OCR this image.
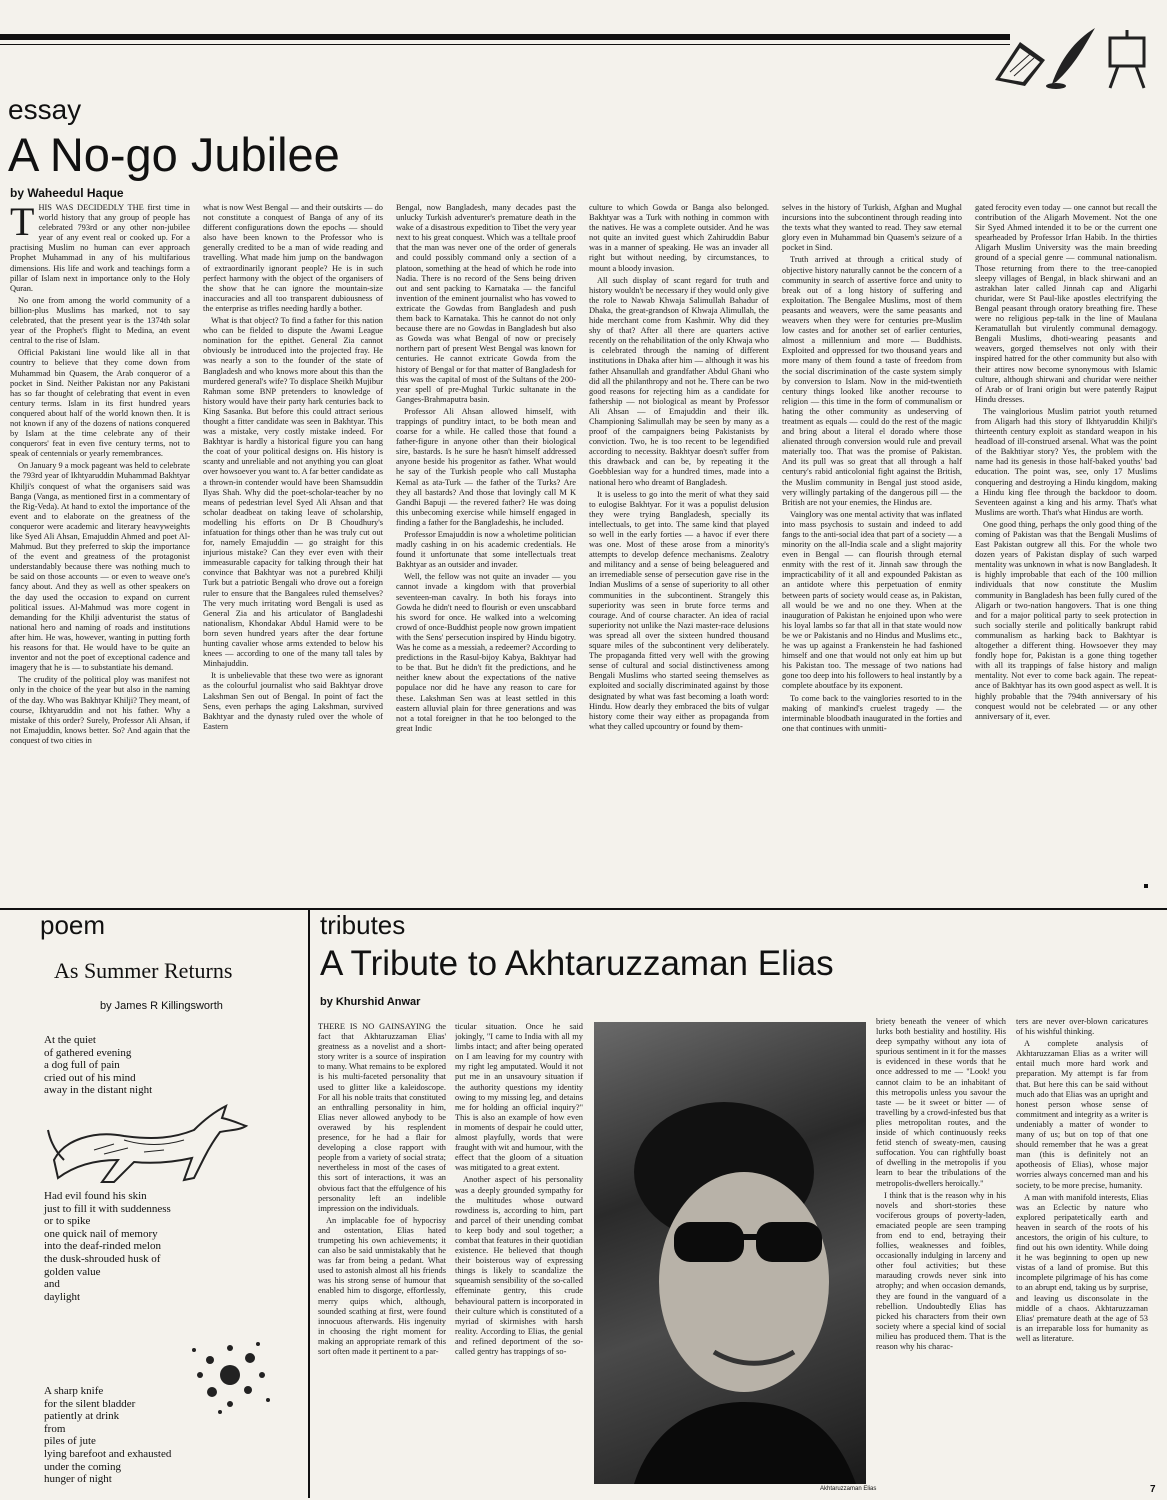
essay
A No-go Jubilee
by Waheedul Haque
T HIS WAS DECIDEDLY THE first time in world history that any group of people has celebrated 793rd or any other non-jubilee year of any event real or cooked up. For a practising Muslim no human can ever approach Prophet Muhammad in any of his multifarious dimensions. His life and work and teachings form a pillar of Islam next in importance only to the Holy Quran.

No one from among the world community of a billion-plus Muslims has marked, not to say celebrated, that the present year is the 1374th solar year of the Prophet's flight to Medina, an event central to the rise of Islam.

Official Pakistani line would like all in that country to believe that they come down from Muhammad bin Quasem, the Arab conqueror of a pocket in Sind. Neither Pakistan nor any Pakistani has so far thought of celebrating that event in even century terms. Islam in its first hundred years conquered about half of the world known then. It is not known if any of the dozens of nations conquered by Islam at the time celebrate any of their conquerors' feat in even five century terms, not to speak of centennials or yearly remembrances.

On January 9 a mock pageant was held to celebrate the 793rd year of Ikhtyaruddin Muhammad Bakhtyar Khilji's conquest of what the organisers said was Banga (Vanga, as mentioned first in a commentary of the Rig-Veda). At hand to extol the importance of the event and to elaborate on the greatness of the conqueror were academic and literary heavyweights like Syed Ali Ahsan, Emajuddin Ahmed and poet Al-Mahmud. But they preferred to skip the importance of the event and greatness of the protagonist understandably because there was nothing much to be said on those accounts — or even to weave one's fancy about. And they as well as other speakers on the day used the occasion to expand on current political issues. Al-Mahmud was more cogent in demanding for the Khilji adventurist the status of national hero and naming of roads and institutions after him. He was, however, wanting in putting forth his reasons for that. He would have to be quite an inventor and not the poet of exceptional cadence and imagery that he is — to substantiate his demand.

The crudity of the political ploy was manifest not only in the choice of the year but also in the naming of the day. Who was Bakhtyar Khilji? They meant, of course, Ikhtyaruddin and not his father. Why a mistake of this order? Surely, Professor Ali Ahsan, if not Emajuddin, knows better. So? And again that the conquest of two cities in

what is now West Bengal — and their outskirts — do not constitute a conquest of Banga of any of its different configurations down the epochs — should also have been known to the Professor who is generally credited to be a man of wide reading and travelling. What made him jump on the bandwagon of extraordinarily ignorant people? He is in such perfect harmony with the object of the organisers of the show that he can ignore the mountain-size inaccuracies and all too transparent dubiousness of the enterprise as trifles needing hardly a bother.

What is that object? To find a father for this nation who can be fielded to dispute the Awami League nomination for the epithet. General Zia cannot obviously be introduced into the projected fray. He was nearly a son to the founder of the state of Bangladesh and who knows more about this than the murdered general's wife? To displace Sheikh Mujibur Rahman some BNP pretenders to knowledge of history would have their party hark centuries back to King Sasanka. But before this could attract serious thought a fitter candidate was seen in Bakhtyar. This was a mistake, very costly mistake indeed. For Bakhtyar is hardly a historical figure you can hang the coat of your political designs on. His history is scanty and unreliable and not anything you can gloat over howsoever you want to. A far better candidate as a thrown-in contender would have been Shamsuddin Ilyas Shah. Why did the poet-scholar-teacher by no means of pedestrian level Syed Ali Ahsan and that scholar deadbeat on taking leave of scholarship, modelling his efforts on Dr B Choudhury's infatuation for things other than he was truly cut out for, namely Emajuddin — go straight for this injurious mistake? Can they ever even with their immeasurable capacity for talking through their hat convince that Bakhtyar was not a purebred Khilji Turk but a patriotic Bengali who drove out a foreign ruler to ensure that the Bangalees ruled themselves? The very much irritating word Bengali is used as General Zia and his articulator of Bangladeshi nationalism, Khondakar Abdul Hamid were to be born seven hundred years after the dear fortune hunting cavalier whose arms extended to below his knees — according to one of the many tall tales by Minhajuddin.

It is unbelievable that these two were as ignorant as the colourful journalist who said Bakhtyar drove Lakshman Sen out of Bengal. In point of fact the Sens, even perhaps the aging Lakshman, survived Bakhtyar and the dynasty ruled over the whole of Eastern

Bengal, now Bangladesh, many decades past the unlucky Turkish adventurer's premature death in the wake of a disastrous expedition to Tibet the very year next to his great conquest. Which was a telltale proof that the man was never one of the order of generals and could possibly command only a section of a platoon, something at the head of which he rode into Nadia. There is no record of the Sens being driven out and sent packing to Karnataka — the fanciful invention of the eminent journalist who has vowed to extricate the Gowdas from Bangladesh and push them back to Karnataka. This he cannot do not only because there are no Gowdas in Bangladesh but also as Gowda was what Bengal of now or precisely northern part of present West Bengal was known for centuries. He cannot extricate Gowda from the history of Bengal or for that matter of Bangladesh for this was the capital of most of the Sultans of the 200-year spell of pre-Mughal Turkic sultanate in the Ganges-Brahmaputra basin.

Professor Ali Ahsan allowed himself, with trappings of punditry intact, to be both mean and coarse for a while. He called those that found a father-figure in anyone other than their biological sire, bastards. Is he sure he hasn't himself addressed anyone beside his progenitor as father. What would he say of the Turkish people who call Mustapha Kemal as ata-Turk — the father of the Turks? Are they all bastards? And those that lovingly call M K Gandhi Bapuji — the revered father? He was doing this unbecoming exercise while himself engaged in finding a father for the Bangladeshis, he included.

Professor Emajuddin is now a wholetime politician madly cashing in on his academic credentials. He found it unfortunate that some intellectuals treat Bakhtyar as an outsider and invader.

Well, the fellow was not quite an invader — you cannot invade a kingdom with that proverbial seventeen-man cavalry. In both his forays into Gowda he didn't need to flourish or even unscabbard his sword for once. He walked into a welcoming crowd of once-Buddhist people now grown impatient with the Sens' persecution inspired by Hindu bigotry. Was he come as a messiah, a redeemer? According to predictions in the Rasul-bijoy Kabya, Bakhtyar had to be that. But he didn't fit the predictions, and he neither knew about the expectations of the native populace nor did he have any reason to care for these. Lakshman Sen was at least settled in this eastern alluvial plain for three generations and was not a total foreigner in that he too belonged to the great Indic

culture to which Gowda or Banga also belonged. Bakhtyar was a Turk with nothing in common with the natives. He was a complete outsider. And he was not quite an invited guest which Zahiruddin Babur was in a manner of speaking. He was an invader all right but without needing, by circumstances, to mount a bloody invasion.

All such display of scant regard for truth and history wouldn't be necessary if they would only give the role to Nawab Khwaja Salimullah Bahadur of Dhaka, the great-grandson of Khwaja Alimullah, the hide merchant come from Kashmir. Why did they shy of that? After all there are quarters active recently on the rehabilitation of the only Khwaja who is celebrated through the naming of different institutions in Dhaka after him — although it was his father Ahsanullah and grandfather Abdul Ghani who did all the philanthropy and not he. There can be two good reasons for rejecting him as a candidate for fathership — not biological as meant by Professor Ali Ahsan — of Emajuddin and their ilk. Championing Salimullah may be seen by many as a proof of the campaigners being Pakistanists by conviction. Two, he is too recent to be legendified according to necessity. Bakhtyar doesn't suffer from this drawback and can be, by repeating it the Goebblesian way for a hundred times, made into a national hero who dreamt of Bangladesh.

It is useless to go into the merit of what they said to eulogise Bakhtyar. For it was a populist delusion they were trying Bangladesh, specially its intellectuals, to get into. The same kind that played so well in the early forties — a havoc if ever there was one. Most of these arose from a minority's attempts to develop defence mechanisms. Zealotry and militancy and a sense of being beleaguered and an irremediable sense of persecution gave rise in the Indian Muslims of a sense of superiority to all other communities in the subcontinent. Strangely this superiority was seen in brute force terms and courage. And of course character. An idea of racial superiority not unlike the Nazi master-race delusions was spread all over the sixteen hundred thousand square miles of the subcontinent very deliberately. The propaganda fitted very well with the growing sense of cultural and social distinctiveness among Bengali Muslims who started seeing themselves as exploited and socially discriminated against by those designated by what was fast becoming a loath word: Hindu. How dearly they embraced the bits of vulgar history come their way either as propaganda from what they called upcountry or found by them-

selves in the history of Turkish, Afghan and Mughal incursions into the subcontinent through reading into the texts what they wanted to read. They saw eternal glory even in Muhammad bin Quasem's seizure of a pocket in Sind.

Truth arrived at through a critical study of objective history naturally cannot be the concern of a community in search of assertive force and unity to break out of a long history of suffering and exploitation. The Bengalee Muslims, most of them peasants and weavers, were the same peasants and weavers when they were for centuries pre-Muslim low castes and for another set of earlier centuries, almost a millennium and more — Buddhists. Exploited and oppressed for two thousand years and more many of them found a taste of freedom from the social discrimination of the caste system simply by conversion to Islam. Now in the mid-twentieth century things looked like another recourse to religion — this time in the form of communalism or hating the other community as undeserving of treatment as equals — could do the rest of the magic and bring about a literal el dorado where those alienated through conversion would rule and prevail materially too. That was the promise of Pakistan. And its pull was so great that all through a half century's rabid anticolonial fight against the British, the Muslim community in Bengal just stood aside, very willingly partaking of the dangerous pill — the British are not your enemies, the Hindus are.

Vainglory was one mental activity that was inflated into mass psychosis to sustain and indeed to add fangs to the anti-social idea that part of a society — a minority on the all-India scale and a slight majority even in Bengal — can flourish through eternal enmity with the rest of it. Jinnah saw through the impracticability of it all and expounded Pakistan as an antidote where this perpetuation of enmity between parts of society would cease as, in Pakistan, all would be we and no one they. When at the inauguration of Pakistan he enjoined upon who were his loyal lambs so far that all in that state would now be we or Pakistanis and no Hindus and Muslims etc., he was up against a Frankenstein he had fashioned himself and one that would not only eat him up but his Pakistan too. The message of two nations had gone too deep into his followers to heal instantly by a complete aboutface by its exponent.

To come back to the vainglories resorted to in the making of mankind's cruelest tragedy — the interminable bloodbath inaugurated in the forties and one that continues with unmiti-

gated ferocity even today — one cannot but recall the contribution of the Aligarh Movement. Not the one Sir Syed Ahmed intended it to be or the current one spearheaded by Professor Irfan Habib. In the thirties Aligarh Muslim University was the main breeding ground of a special genre — communal nationalism. Those returning from there to the tree-canopied sleepy villages of Bengal, in black shirwani and an astrakhan later called Jinnah cap and Aligarhi churidar, were St Paul-like apostles electrifying the Bengal peasant through oratory breathing fire. These were no religious pep-talk in the line of Maulana Keramatullah but virulently communal demagogy. Bengali Muslims, dhoti-wearing peasants and weavers, gorged themselves not only with their inspired hatred for the other community but also with their attires now become synonymous with Islamic culture, although shirwani and churidar were neither of Arab or of Irani origin but were patently Rajput Hindu dresses.

The vainglorious Muslim patriot youth returned from Aligarh had this story of Ikhtyaruddin Khilji's thirteenth century exploit as standard weapon in his headload of ill-construed arsenal. What was the point of the Bakhtiyar story? Yes, the problem with the name had its genesis in those half-baked youths' bad education. The point was, see, only 17 Muslims conquering and destroying a Hindu kingdom, making a Hindu king flee through the backdoor to doom. Seventeen against a king and his army. That's what Muslims are worth. That's what Hindus are worth.

One good thing, perhaps the only good thing of the coming of Pakistan was that the Bengali Muslims of East Pakistan outgrew all this. For the whole two dozen years of Pakistan display of such warped mentality was unknown in what is now Bangladesh. It is highly improbable that each of the 100 million individuals that now constitute the Muslim community in Bangladesh has been fully cured of the Aligarh or two-nation hangovers. That is one thing and for a major political party to seek protection in such socially sterile and politically bankrupt rabid communalism as harking back to Bakhtyar is altogether a different thing. Howsoever they may fondly hope for, Pakistan is a gone thing together with all its trappings of false history and malign mentality. Not ever to come back again. The repeat-ance of Bakhtyar has its own good aspect as well. It is highly probable that the 794th anniversary of his conquest would not be celebrated — or any other anniversary of it, ever.

poem
As Summer Returns
by James R Killingsworth
At the quiet
of gathered evening
a dog full of pain
cried out of his mind
away in the distant night
Had evil found his skin
just to fill it with suddenness
or to spike
one quick nail of memory
into the deaf-rinded melon
the dusk-shrouded husk of
golden value
and
daylight
A sharp knife
for the silent bladder
patiently at drink
from
piles of jute
lying barefoot and exhausted
under the coming
hunger of night
tributes
A Tribute to Akhtaruzzaman Elias
by Khurshid Anwar

THERE IS NO GAINSAYING the fact that Akhtaruzzaman Elias' greatness as a novelist and a short-story writer is a source of inspiration to many. What remains to be explored is his multi-faceted personality that used to glitter like a kaleidoscope. For all his noble traits that constituted an enthralling personality in him, Elias never allowed anybody to be overawed by his resplendent presence, for he had a flair for developing a close rapport with people from a variety of social strata; nevertheless in most of the cases of this sort of interactions, it was an obvious fact that the effulgence of his personality left an indelible impression on the individuals.

An implacable foe of hypocrisy and ostentation, Elias hated trumpeting his own achievements; it can also be said unmistakably that he was far from being a pedant. What used to astonish almost all his friends was his strong sense of humour that enabled him to disgorge, effortlessly, merry quips which, although, sounded scathing at first, were found innocuous afterwards. His ingenuity in choosing the right moment for making an appropriate remark of this sort often made it pertinent to a par-

ticular situation. Once he said jokingly, "I came to India with all my limbs intact; and after being operated on I am leaving for my country with my right leg amputated. Would it not put me in an unsavoury situation if the authority questions my identity owing to my missing leg, and detains me for holding an official inquiry?" This is also an example of how even in moments of despair he could utter, almost playfully, words that were fraught with wit and humour, with the effect that the gloom of a situation was mitigated to a great extent.

Another aspect of his personality was a deeply grounded sympathy for the multitudes whose outward rowdiness is, according to him, part and parcel of their unending combat to keep body and soul together; a combat that features in their quotidian existence. He believed that though their boisterous way of expressing things is likely to scandalize the squeamish sensibility of the so-called effeminate gentry, this crude behavioural pattern is incorporated in their culture which is constituted of a myriad of skirmishes with harsh reality. According to Elias, the genial and refined deportment of the so-called gentry has trappings of so-

Akhtaruzzaman Elias

briety beneath the veneer of which lurks both bestiality and hostility. His deep sympathy without any iota of spurious sentiment in it for the masses is evidenced in these words that he once addressed to me — "Look! you cannot claim to be an inhabitant of this metropolis unless you savour the taste — be it sweet or bitter — of travelling by a crowd-infested bus that plies metropolitan routes, and the inside of which continuously reeks fetid stench of sweaty-men, causing suffocation. You can rightfully boast of dwelling in the metropolis if you learn to bear the tribulations of the metropolis-dwellers heroically."

I think that is the reason why in his novels and short-stories these vociferous groups of poverty-laden, emaciated people are seen tramping from end to end, betraying their follies, weaknesses and foibles, occasionally indulging in larceny and other foul activities; but these marauding crowds never sink into atrophy; and when occasion demands, they are found in the vanguard of a rebellion. Undoubtedly Elias has picked his characters from their own society where a special kind of social milieu has produced them. That is the reason why his charac-

ters are never over-blown caricatures of his wishful thinking.

A complete analysis of Akhtaruzzaman Elias as a writer will entail much more hard work and preparation. My attempt is far from that. But here this can be said without much ado that Elias was an upright and honest person whose sense of commitment and integrity as a writer is undeniably a matter of wonder to many of us; but on top of that one should remember that he was a great man (this is definitely not an apotheosis of Elias), whose major worries always concerned man and his society, to be more precise, humanity.

A man with manifold interests, Elias was an Eclectic by nature who explored peripatetically earth and heaven in search of the roots of his ancestors, the origin of his culture, to find out his own identity. While doing it he was beginning to open up new vistas of a land of promise. But this incomplete pilgrimage of his has come to an abrupt end, taking us by surprise, and leaving us disconsolate in the middle of a chaos. Akhtaruzzaman Elias' premature death at the age of 53 is an irreparable loss for humanity as well as literature.

7
